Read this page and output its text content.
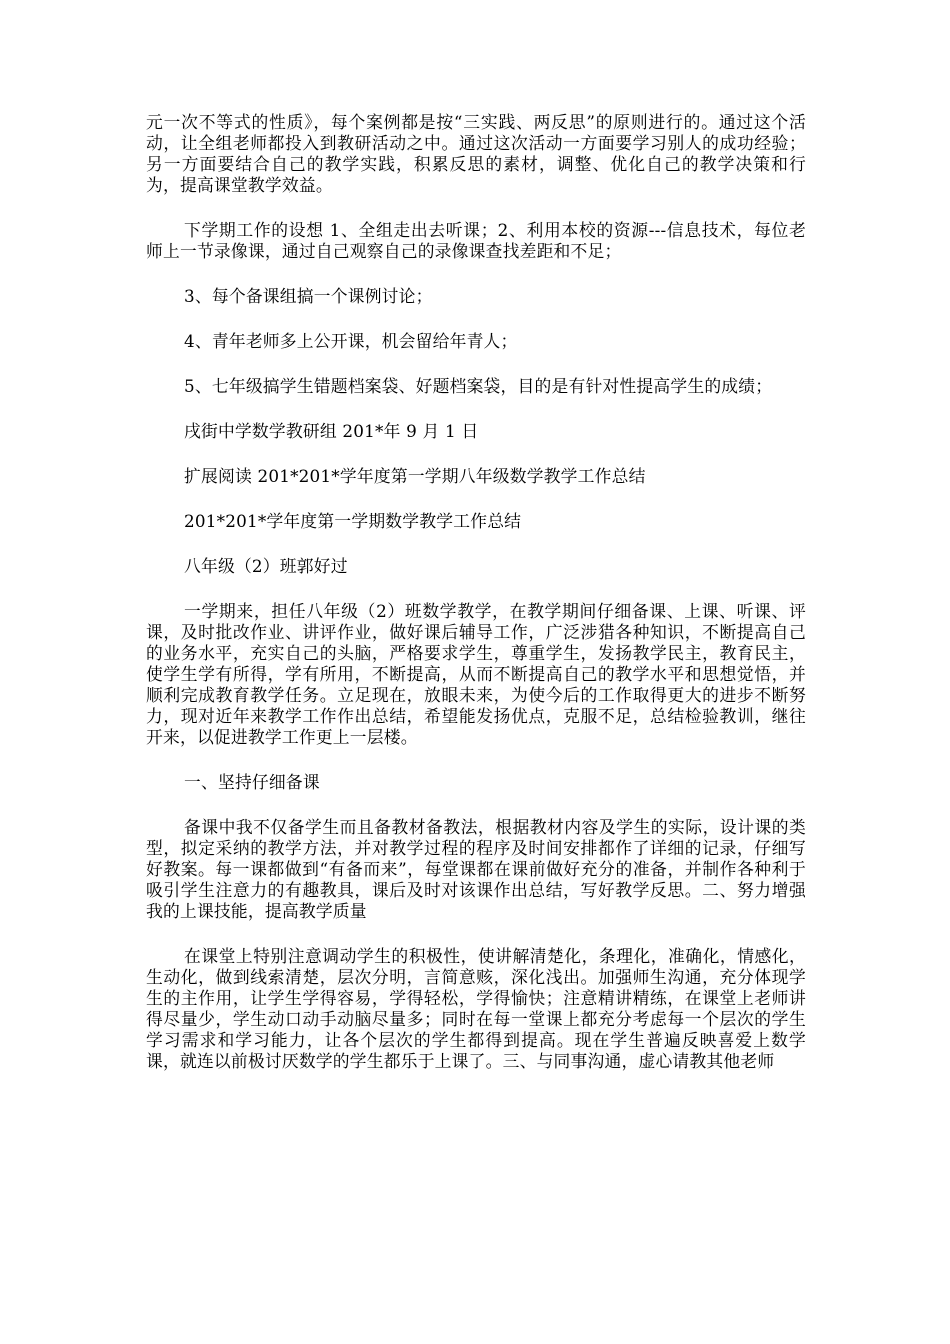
元一次不等式的性质》，每个案例都是按“三实践、两反思”的原则进行的。通过这个活动，让全组老师都投入到教研活动之中。通过这次活动一方面要学习别人的成功经验；另一方面要结合自己的教学实践，积累反思的素材，调整、优化自己的教学决策和行为，提高课堂教学效益。

下学期工作的设想 1、全组走出去听课；2、利用本校的资源---信息技术，每位老师上一节录像课，通过自己观察自己的录像课查找差距和不足；

3、每个备课组搞一个课例讨论；

4、青年老师多上公开课，机会留给年青人；

5、七年级搞学生错题档案袋、好题档案袋，目的是有针对性提高学生的成绩；

戌街中学数学教研组 201*年 9 月 1 日

扩展阅读 201*201*学年度第一学期八年级数学教学工作总结

201*201*学年度第一学期数学教学工作总结

八年级（2）班郭好过

一学期来，担任八年级（2）班数学教学，在教学期间仔细备课、上课、听课、评课，及时批改作业、讲评作业，做好课后辅导工作，广泛涉猎各种知识，不断提高自己的业务水平，充实自己的头脑，严格要求学生，尊重学生，发扬教学民主，教育民主，使学生学有所得，学有所用，不断提高，从而不断提高自己的教学水平和思想觉悟，并顺利完成教育教学任务。立足现在，放眼未来，为使今后的工作取得更大的进步不断努力，现对近年来教学工作作出总结，希望能发扬优点，克服不足，总结检验教训，继往开来，以促进教学工作更上一层楼。

一、坚持仔细备课

备课中我不仅备学生而且备教材备教法，根据教材内容及学生的实际，设计课的类型，拟定采纳的教学方法，并对教学过程的程序及时间安排都作了详细的记录，仔细写好教案。每一课都做到“有备而来”，每堂课都在课前做好充分的准备，并制作各种利于吸引学生注意力的有趣教具，课后及时对该课作出总结，写好教学反思。二、努力增强我的上课技能，提高教学质量

在课堂上特别注意调动学生的积极性，使讲解清楚化，条理化，准确化，情感化，生动化，做到线索清楚，层次分明，言简意赅，深化浅出。加强师生沟通，充分体现学生的主作用，让学生学得容易，学得轻松，学得愉快；注意精讲精练，在课堂上老师讲得尽量少，学生动口动手动脑尽量多；同时在每一堂课上都充分考虑每一个层次的学生学习需求和学习能力，让各个层次的学生都得到提高。现在学生普遍反映喜爱上数学课，就连以前极讨厌数学的学生都乐于上课了。三、与同事沟通，虚心请教其他老师
